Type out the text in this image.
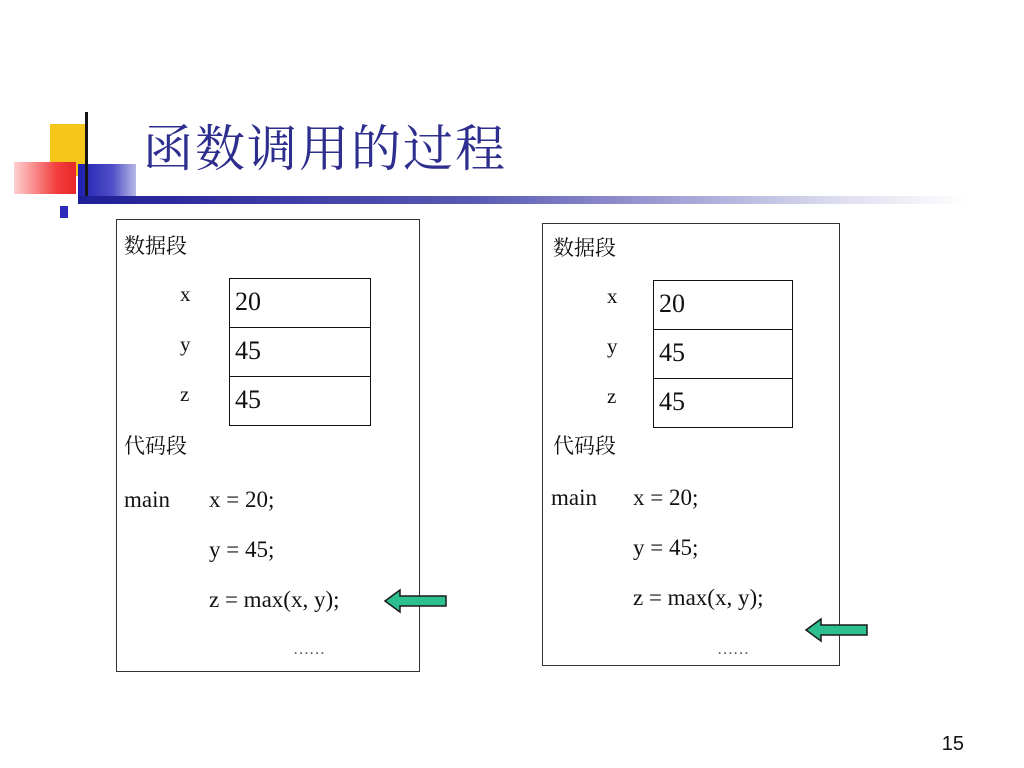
函数调用的过程
数据段
x 20
y 45
z 45
代码段
main x = 20;
y = 45;
z = max(x, y);
……
数据段
x 20
y 45
z 45
代码段
main x = 20;
y = 45;
z = max(x, y);
……
15
